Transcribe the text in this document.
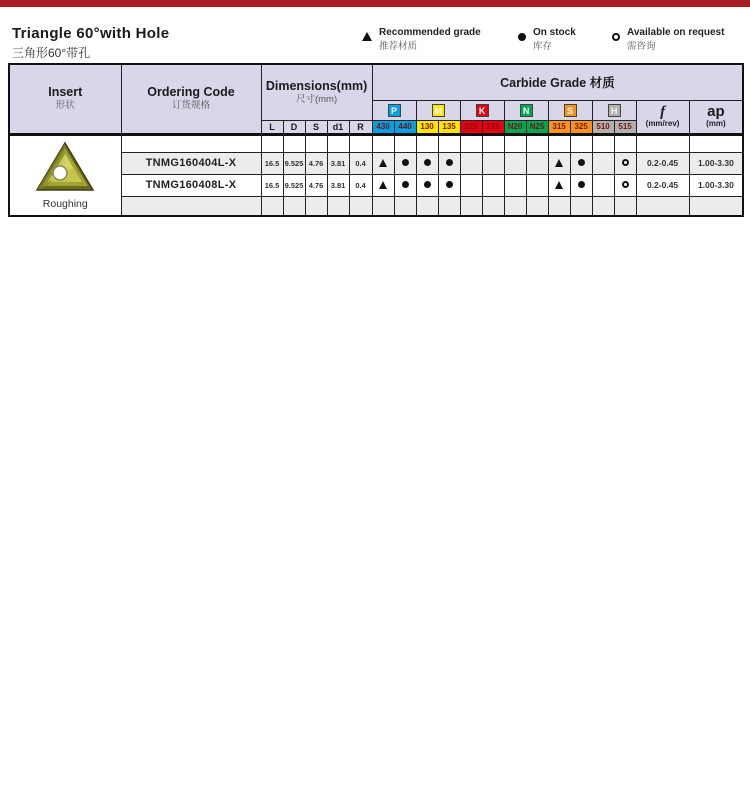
Triangle 60°with Hole
三角形60°带孔
Recommended grade
推荐材质
On stock
库存
Available on request
需咨询
Insert
形状	Ordering Code
订货规格	Dimensions(mm)
尺寸(mm)					Carbide Grade 材质													
							P		M		K		N		S		H		f
(mm/rev)	ap
(mm)

		L	D	S	d1	R	430	440	130	135	220	225	N20	N25	315	325	510	515		

Roughing																				

	TNMG160404L-X	16.5	9.525	4.76	3.81	0.4													0.2-0.45	1.00-3.30
	TNMG160408L-X	16.5	9.525	4.76	3.81	0.4													0.2-0.45	1.00-3.30
